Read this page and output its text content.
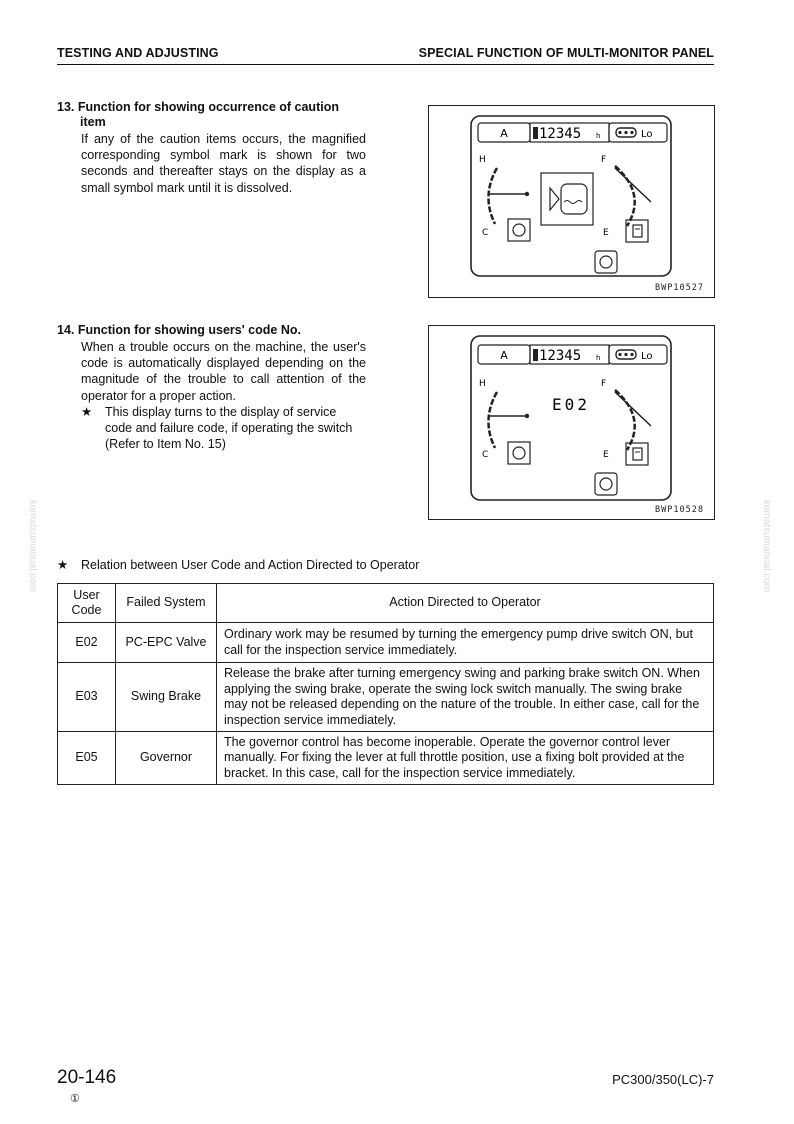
TESTING AND ADJUSTING	SPECIAL FUNCTION OF MULTI-MONITOR PANEL
13. Function for showing occurrence of caution
item
If any of the caution items occurs, the magnified corresponding symbol mark is shown for two seconds and thereafter stays on the display as a small symbol mark until it is dissolved.
A 12345 h	Lo
H
C
F
E
BWP10527
14. Function for showing users' code No.
When a trouble occurs on the machine, the user's code is automatically displayed depending on the magnitude of the trouble to call attention of the operator for a proper action.
★ This display turns to the display of service code and failure code, if operating the switch (Refer to Item No. 15)
A 12345 h	Lo
H
C
E02
F
E
BWP10528
komatsumanual.com	komatsumanual.com
★ Relation between User Code and Action Directed to Operator
User
Code	Failed System	Action Directed to Operator
E02	PC-EPC Valve	Ordinary work may be resumed by turning the emergency pump drive switch ON, but call for the inspection service immediately.
E03	Swing Brake	Release the brake after turning emergency swing and parking brake switch ON. When applying the swing brake, operate the swing lock switch manually. The swing brake may not be released depending on the nature of the trouble. In either case, call for the inspection service immediately.
E05	Governor	The governor control has become inoperable. Operate the governor control lever manually. For fixing the lever at full throttle position, use a fixing bolt provided at the bracket. In this case, call for the inspection service immediately.
20-146
①
PC300/350(LC)-7
